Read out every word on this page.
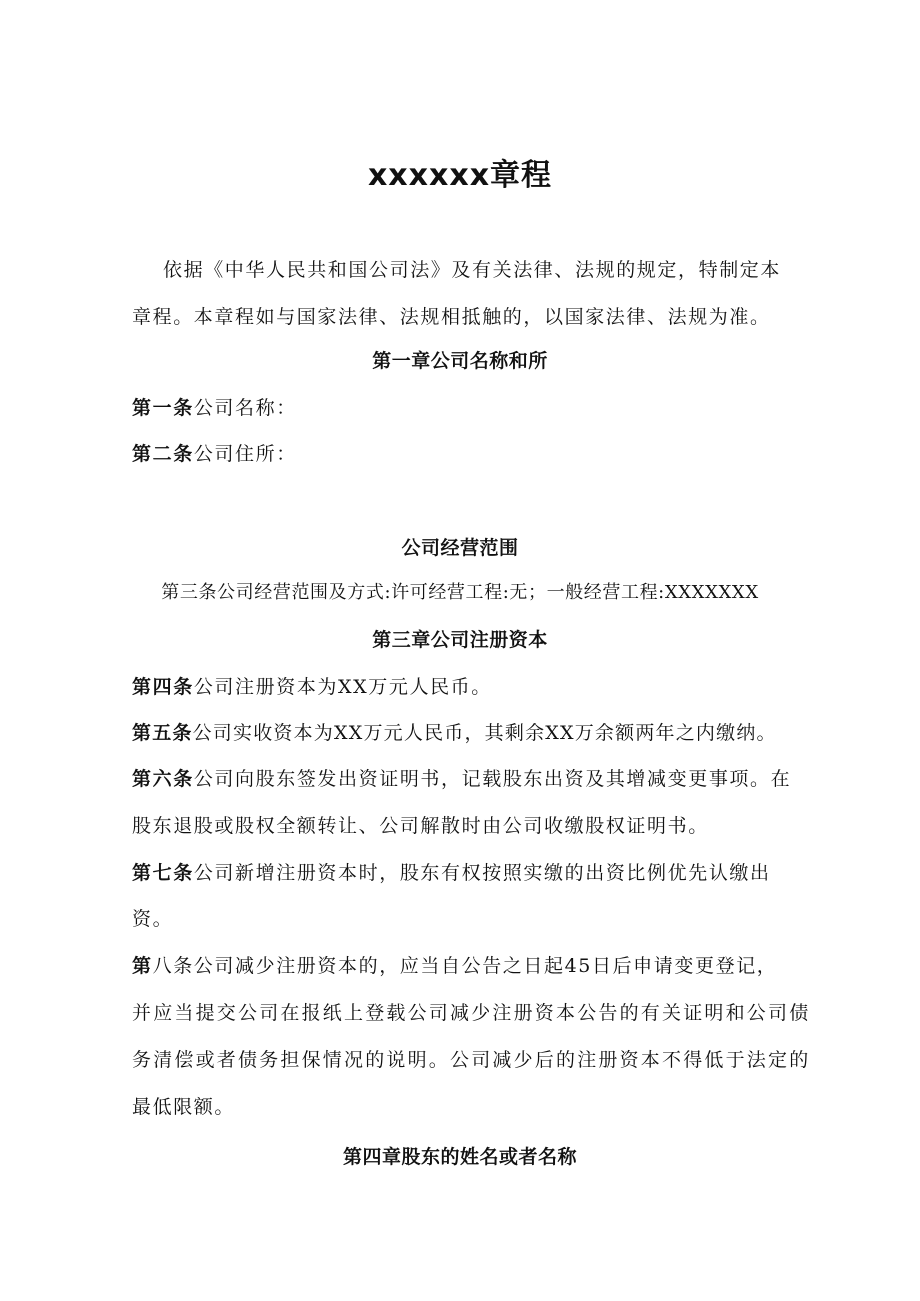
xxxxxx章程
依据《中华人民共和国公司法》及有关法律、法规的规定，特制定本
章程。本章程如与国家法律、法规相抵触的，以国家法律、法规为准。
第一章公司名称和所
第一条公司名称：
第二条公司住所：
公司经营范围
第三条公司经营范围及方式:许可经营工程:无；一般经营工程:XXXXXXX
第三章公司注册资本
第四条公司注册资本为XX万元人民币。
第五条公司实收资本为XX万元人民币，其剩余XX万余额两年之内缴纳。
第六条公司向股东签发出资证明书，记载股东出资及其增减变更事项。在
股东退股或股权全额转让、公司解散时由公司收缴股权证明书。
第七条公司新增注册资本时，股东有权按照实缴的出资比例优先认缴出
资。
第八条公司减少注册资本的，应当自公告之日起45日后申请变更登记，
并应当提交公司在报纸上登载公司减少注册资本公告的有关证明和公司债
务清偿或者债务担保情况的说明。公司减少后的注册资本不得低于法定的
最低限额。
第四章股东的姓名或者名称
